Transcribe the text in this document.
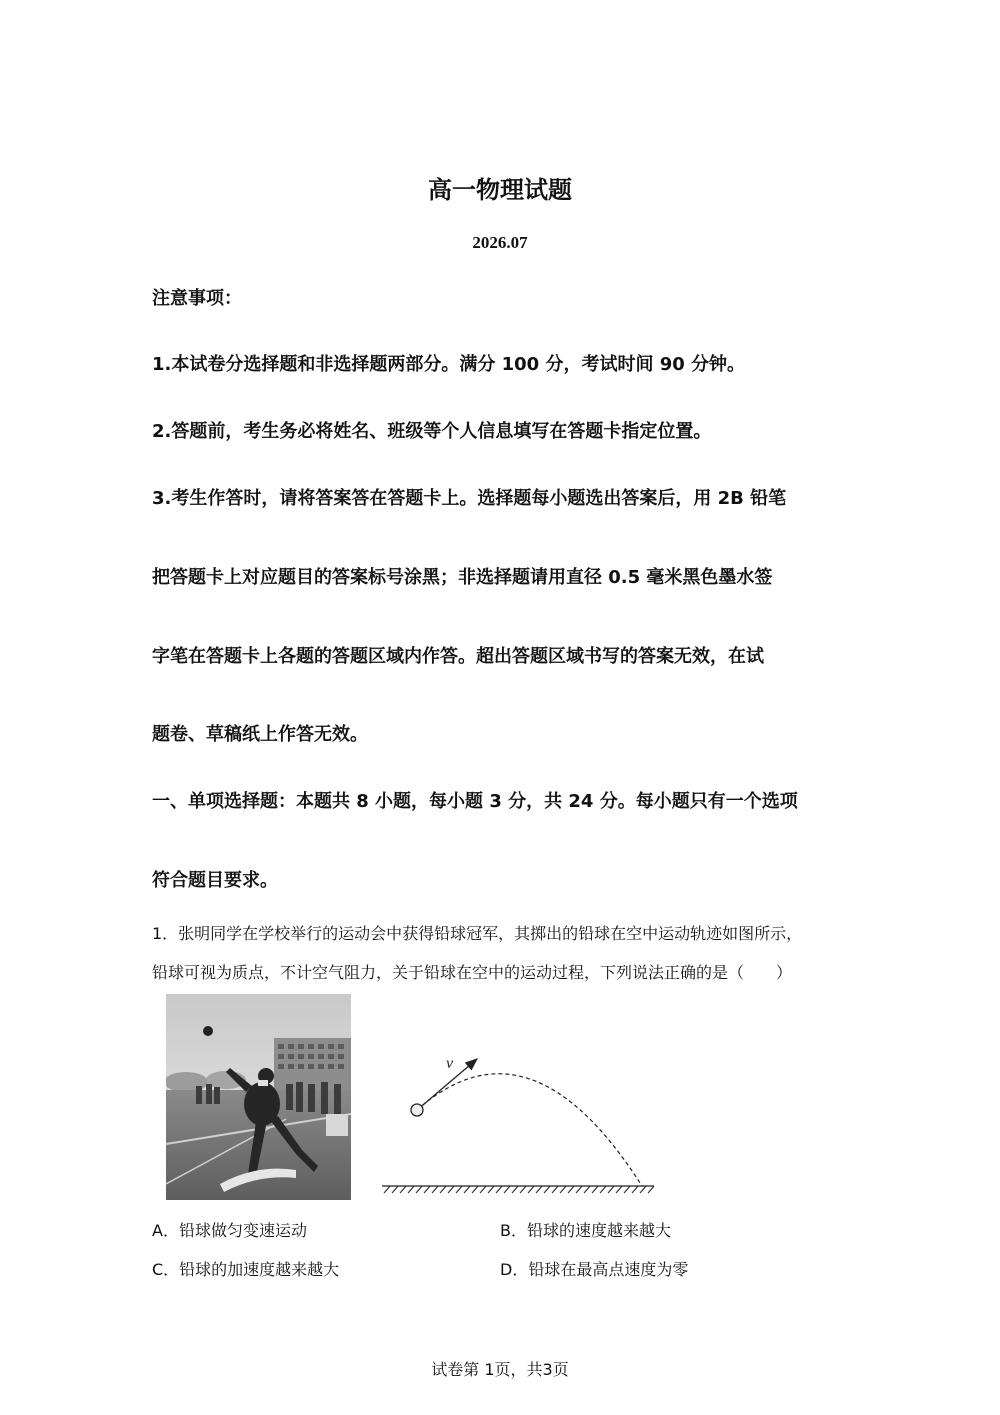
高一物理试题
2026.07
注意事项：
1.本试卷分选择题和非选择题两部分。满分 100 分，考试时间 90 分钟。
2.答题前，考生务必将姓名、班级等个人信息填写在答题卡指定位置。
3.考生作答时，请将答案答在答题卡上。选择题每小题选出答案后，用 2B 铅笔
把答题卡上对应题目的答案标号涂黑；非选择题请用直径 0.5 毫米黑色墨水签
字笔在答题卡上各题的答题区域内作答。超出答题区域书写的答案无效，在试
题卷、草稿纸上作答无效。
一、单项选择题：本题共 8 小题，每小题 3 分，共 24 分。每小题只有一个选项
符合题目要求。
1．张明同学在学校举行的运动会中获得铅球冠军，其掷出的铅球在空中运动轨迹如图所示，
铅球可视为质点，不计空气阻力，关于铅球在空中的运动过程，下列说法正确的是（　　）
v
A．铅球做匀变速运动	B．铅球的速度越来越大
C．铅球的加速度越来越大	D．铅球在最高点速度为零
试卷第 1页，共3页
